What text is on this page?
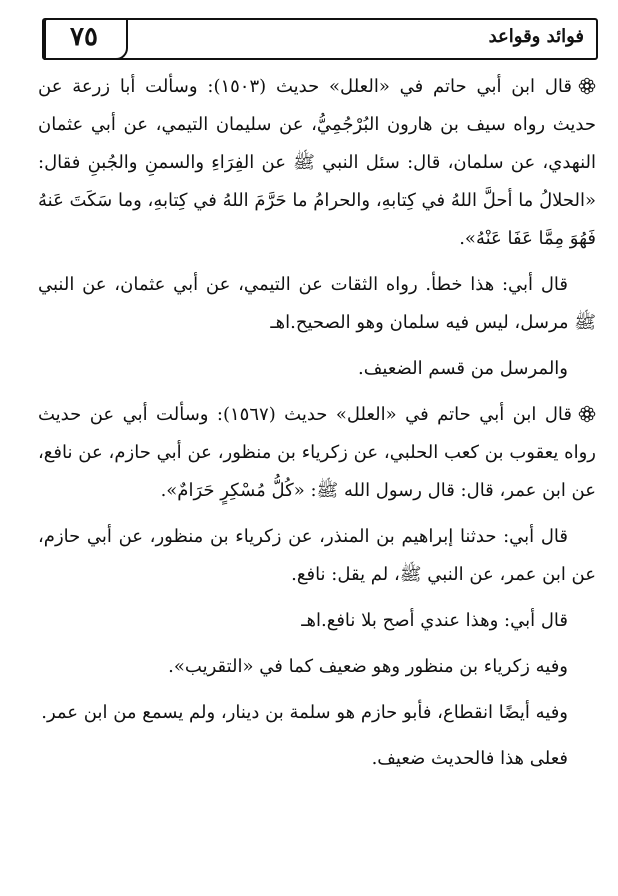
فوائد وقواعد
٧٥

قال ابن أبي حاتم في «العلل» حديث (١٥٠٣): وسألت أبا زرعة عن حديث رواه سيف بن هارون البُرْجُمِيُّ، عن سليمان التيمي، عن أبي عثمان النهدي، عن سلمان، قال: سئل النبي ﷺ عن الفِرَاءِ والسمنِ والجُبنِ فقال: «الحلالُ ما أحلَّ اللهُ في كِتابهِ، والحرامُ ما حَرَّمَ اللهُ في كِتابهِ، وما سَكَتَ عَنهُ فَهُوَ مِمَّا عَفَا عَنْهُ».

قال أبي: هذا خطأ. رواه الثقات عن التيمي، عن أبي عثمان، عن النبي ﷺ مرسل، ليس فيه سلمان وهو الصحيح.اهـ

والمرسل من قسم الضعيف.

قال ابن أبي حاتم في «العلل» حديث (١٥٦٧): وسألت أبي عن حديث رواه يعقوب بن كعب الحلبي، عن زكرياء بن منظور، عن أبي حازم، عن نافع، عن ابن عمر، قال: قال رسول الله ﷺ: «كُلُّ مُسْكِرٍ حَرَامٌ».

قال أبي: حدثنا إبراهيم بن المنذر، عن زكرياء بن منظور، عن أبي حازم، عن ابن عمر، عن النبي ﷺ، لم يقل: نافع.

قال أبي: وهذا عندي أصح بلا نافع.اهـ

وفيه زكرياء بن منظور وهو ضعيف كما في «التقريب».

وفيه أيضًا انقطاع، فأبو حازم هو سلمة بن دينار، ولم يسمع من ابن عمر.

فعلى هذا فالحديث ضعيف.
